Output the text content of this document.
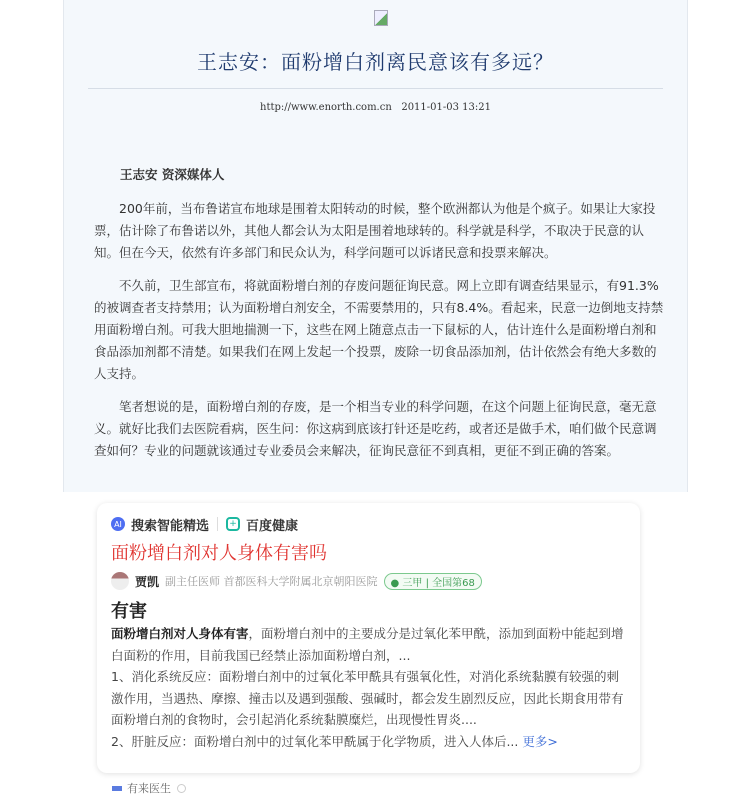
王志安：面粉增白剂离民意该有多远？
http://www.enorth.com.cn 2011-01-03 13:21
王志安 资深媒体人

200年前，当布鲁诺宣布地球是围着太阳转动的时候，整个欧洲都认为他是个疯子。如果让大家投票，估计除了布鲁诺以外，其他人都会认为太阳是围着地球转的。科学就是科学，不取决于民意的认知。但在今天，依然有许多部门和民众认为，科学问题可以诉诸民意和投票来解决。

不久前，卫生部宣布，将就面粉增白剂的存废问题征询民意。网上立即有调查结果显示，有91.3%的被调查者支持禁用；认为面粉增白剂安全，不需要禁用的，只有8.4%。看起来，民意一边倒地支持禁用面粉增白剂。可我大胆地揣测一下，这些在网上随意点击一下鼠标的人，估计连什么是面粉增白剂和食品添加剂都不清楚。如果我们在网上发起一个投票，废除一切食品添加剂，估计依然会有绝大多数的人支持。

笔者想说的是，面粉增白剂的存废，是一个相当专业的科学问题，在这个问题上征询民意，毫无意义。就好比我们去医院看病，医生问：你这病到底该打针还是吃药，或者还是做手术，咱们做个民意调查如何？专业的问题就该通过专业委员会来解决，征询民意征不到真相，更征不到正确的答案。

AI 搜索智能精选	+ 百度健康
面粉增白剂对人身体有害吗
贾凯 副主任医师
首都医科大学附属北京朝阳医院	● 三甲 | 全国第68
有害
面粉增白剂对人身体有害，面粉增白剂中的主要成分是过氧化苯甲酰，添加到面粉中能起到增白面粉的作用，目前我国已经禁止添加面粉增白剂，...
1、消化系统反应：面粉增白剂中的过氧化苯甲酰具有强氧化性，对消化系统黏膜有较强的刺激作用，当遇热、摩擦、撞击以及遇到强酸、强碱时，都会发生剧烈反应，因此长期食用带有面粉增白剂的食物时，会引起消化系统黏膜糜烂，出现慢性胃炎....
2、肝脏反应：面粉增白剂中的过氧化苯甲酰属于化学物质，进入人体后... 更多>
有来医生
